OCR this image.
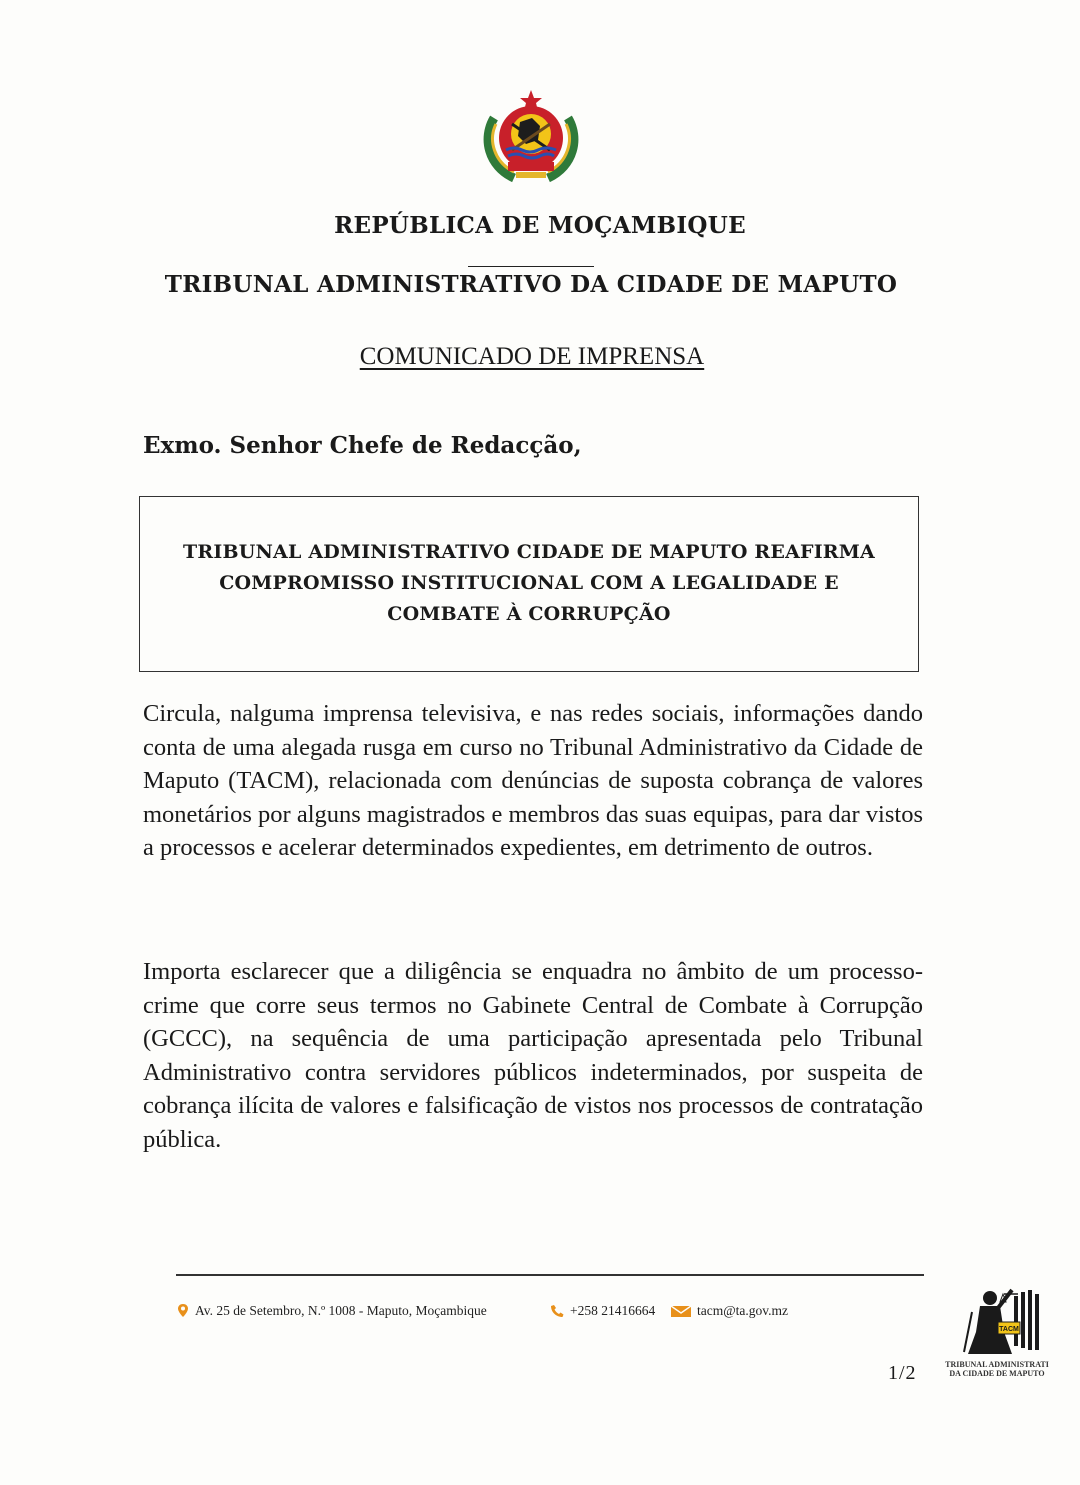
REPÚBLICA DE MOÇAMBIQUE
TRIBUNAL ADMINISTRATIVO DA CIDADE DE MAPUTO
COMUNICADO DE IMPRENSA
Exmo. Senhor Chefe de Redacção,
TRIBUNAL ADMINISTRATIVO CIDADE DE MAPUTO REAFIRMA
COMPROMISSO INSTITUCIONAL COM A LEGALIDADE E
COMBATE À CORRUPÇÃO

Circula, nalguma imprensa televisiva, e nas redes sociais, informações dando conta de uma alegada rusga em curso no Tribunal Administrativo da Cidade de Maputo (TACM), relacionada com denúncias de suposta cobrança de valores monetários por alguns magistrados e membros das suas equipas, para dar vistos a processos e acelerar determinados expedientes, em detrimento de outros.

Importa esclarecer que a diligência se enquadra no âmbito de um processo-crime que corre seus termos no Gabinete Central de Combate à Corrupção (GCCC), na sequência de uma participação apresentada pelo Tribunal Administrativo contra servidores públicos indeterminados, por suspeita de cobrança ilícita de valores e falsificação de vistos nos processos de contratação pública.

Av. 25 de Setembro, N.º 1008 - Maputo, Moçambique	+258 21416664	tacm@ta.gov.mz
1/2
TACM
TRIBUNAL ADMINISTRATI
DA CIDADE DE MAPUTO
